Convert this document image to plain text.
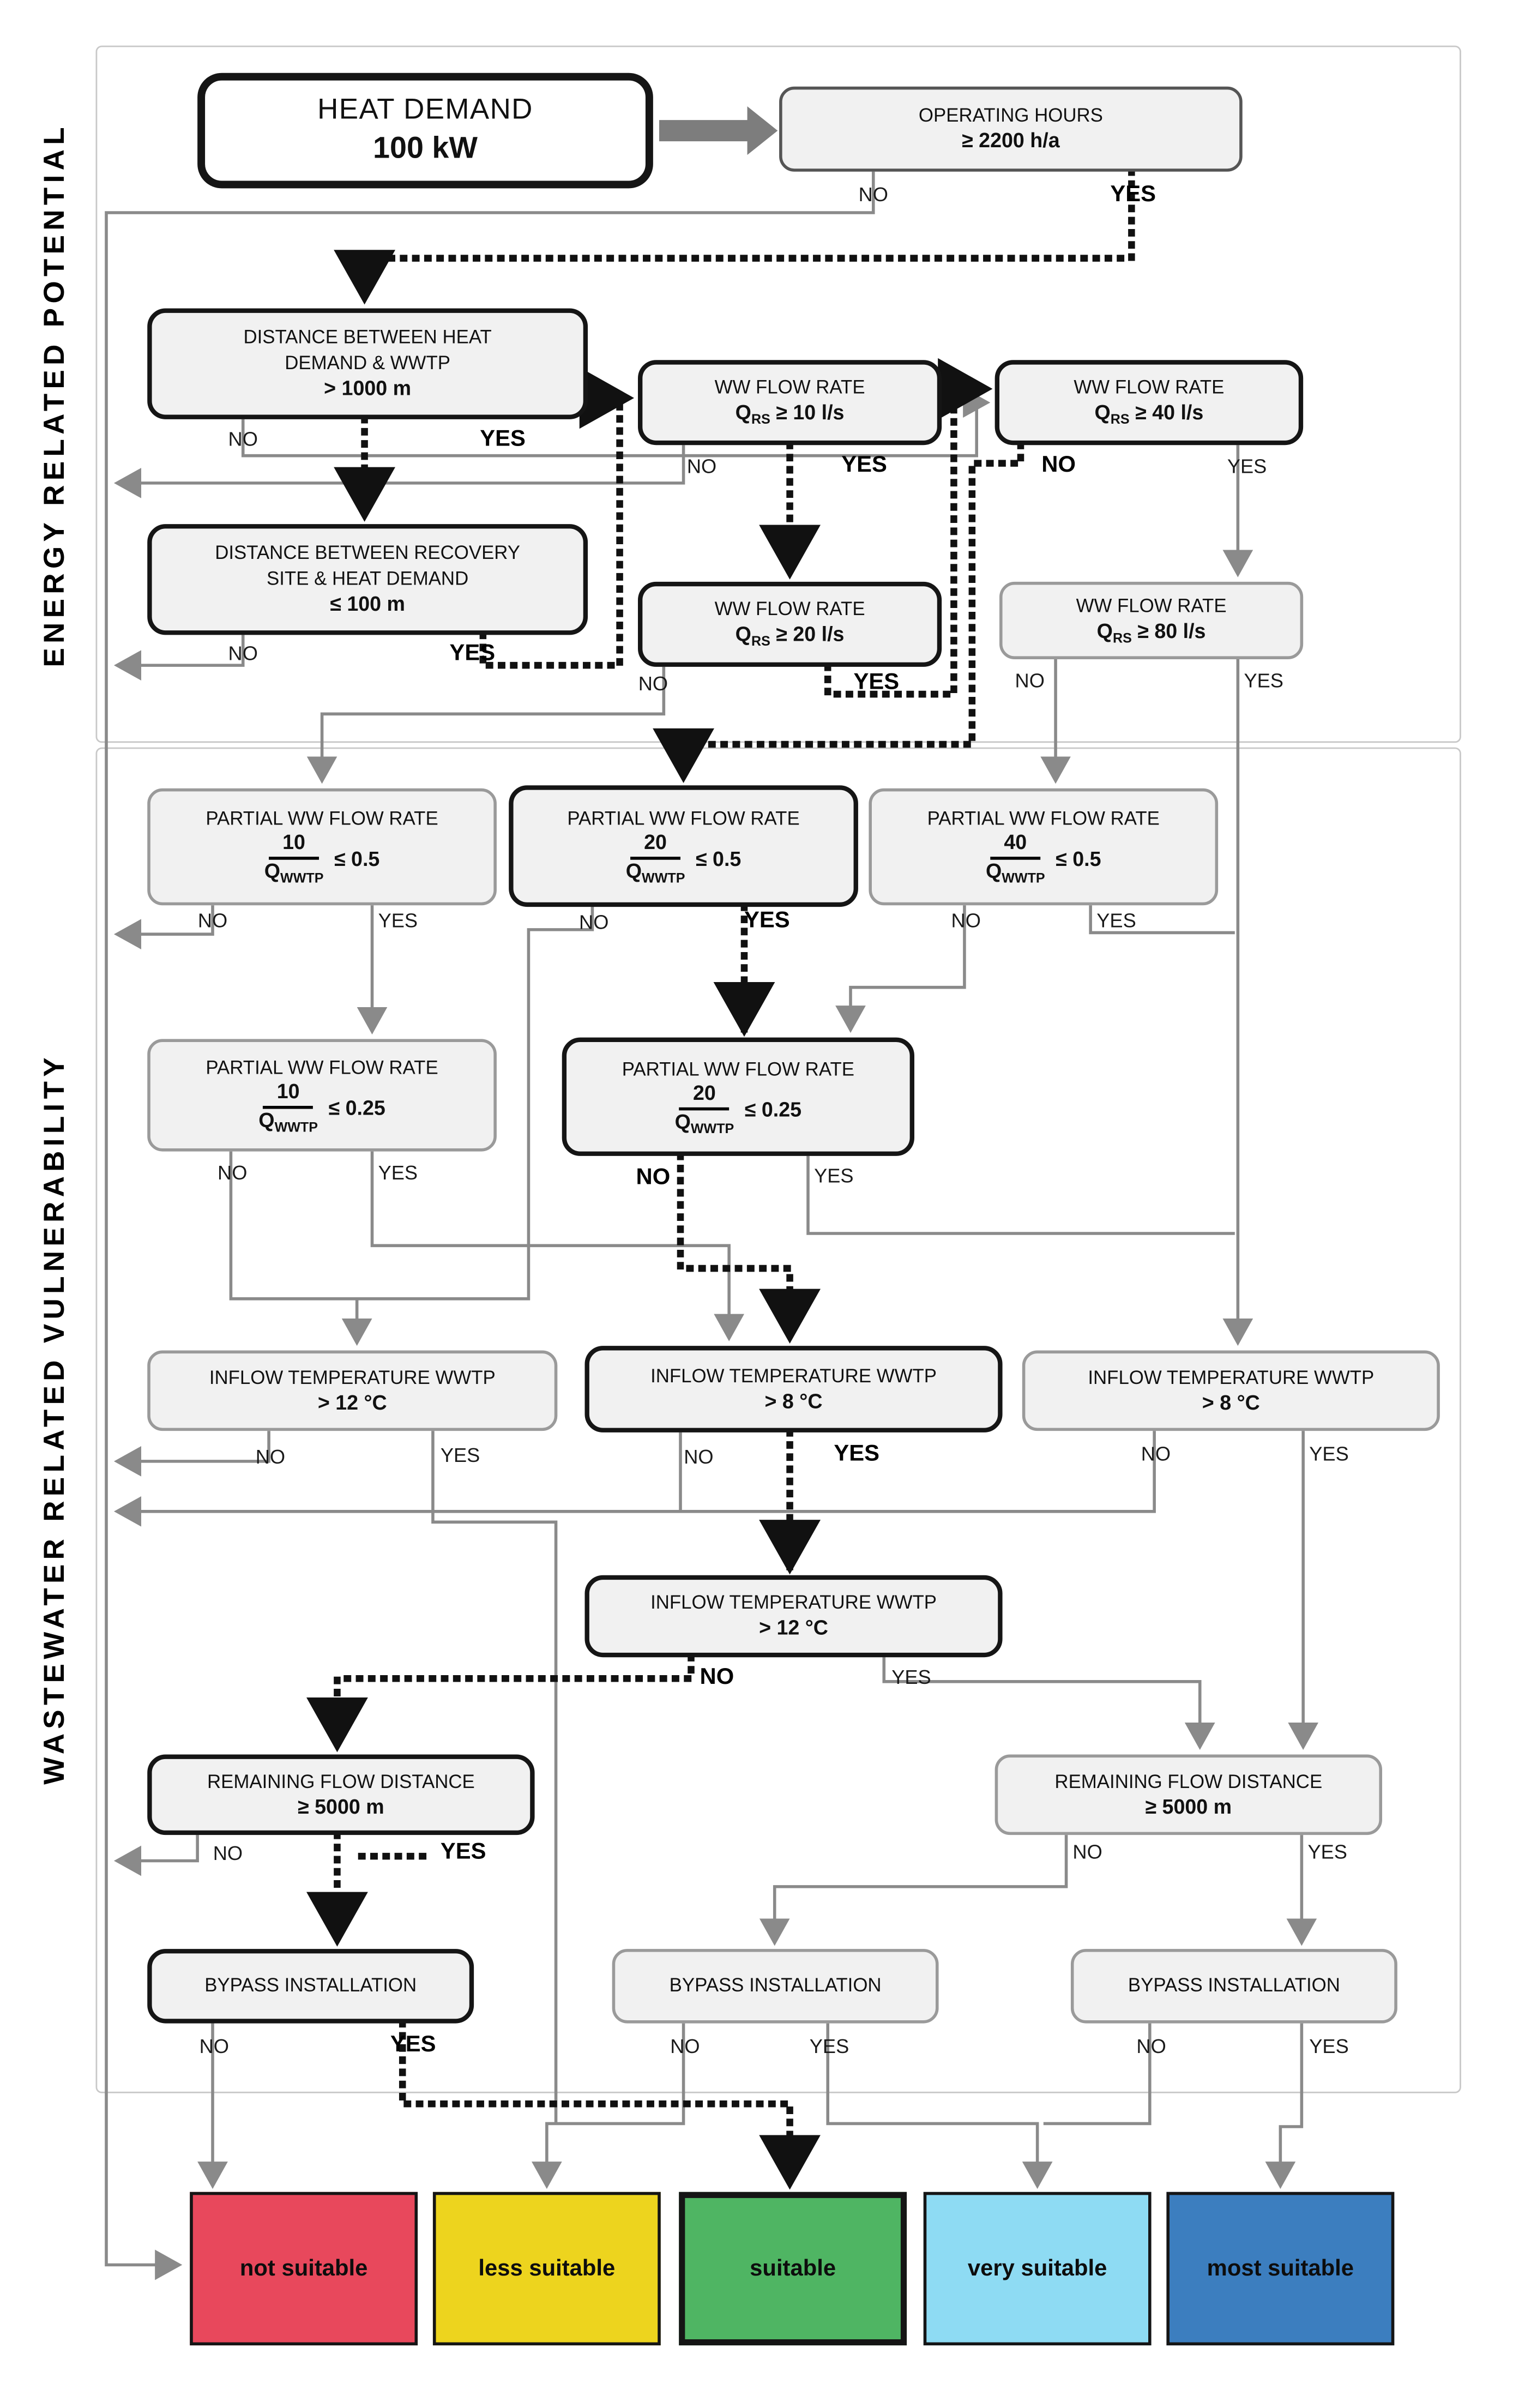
ENERGY RELATED POTENTIAL
WASTEWATER RELATED VULNERABILITY
HEAT DEMAND
100 kW
OPERATING HOURS
≥ 2200 h/a
DISTANCE BETWEEN HEAT
DEMAND & WWTP
> 1000 m	WW FLOW RATE
$Q_{RS} \ge 10$ l/s
WW FLOW RATE
$Q_{RS} \ge 40$ l/s
DISTANCE BETWEEN RECOVERY
SITE & HEAT DEMAND
≤ 100 m	WW FLOW RATE
$Q_{RS} \ge 20$ l/s
WW FLOW RATE
$Q_{RS} \ge 80$ l/s
PARTIAL WW FLOW RATE
$\frac{10}{Q_{WWTP}} \le 0.5$
PARTIAL WW FLOW RATE
$\frac{20}{Q_{WWTP}} \le 0.5$
PARTIAL WW FLOW RATE
$\frac{40}{Q_{WWTP}} \le 0.5$
PARTIAL WW FLOW RATE
$\frac{10}{Q_{WWTP}} \le 0.25$
PARTIAL WW FLOW RATE
$\frac{20}{Q_{WWTP}} \le 0.25$
INFLOW TEMPERATURE WWTP
> 12 °C
INFLOW TEMPERATURE WWTP
> 8 °C
INFLOW TEMPERATURE WWTP
> 8 °C
INFLOW TEMPERATURE WWTP
> 12 °C
REMAINING FLOW DISTANCE
≥ 5000 m
REMAINING FLOW DISTANCE
≥ 5000 m
BYPASS INSTALLATION	BYPASS INSTALLATION	BYPASS INSTALLATION
not suitable	less suitable	suitable	very suitable	most suitable
NO	YES
NO	YES
NO	YES	NO	YES
NO	YES
NO	YES	NO	YES
NO	YES	NO	YES	NO	YES
NO	YES	NO	YES
NO	YES	NO	YES	NO	YES
NO	YES
NO	YES	NO	YES
NO	YES	NO	YES	NO	YES
